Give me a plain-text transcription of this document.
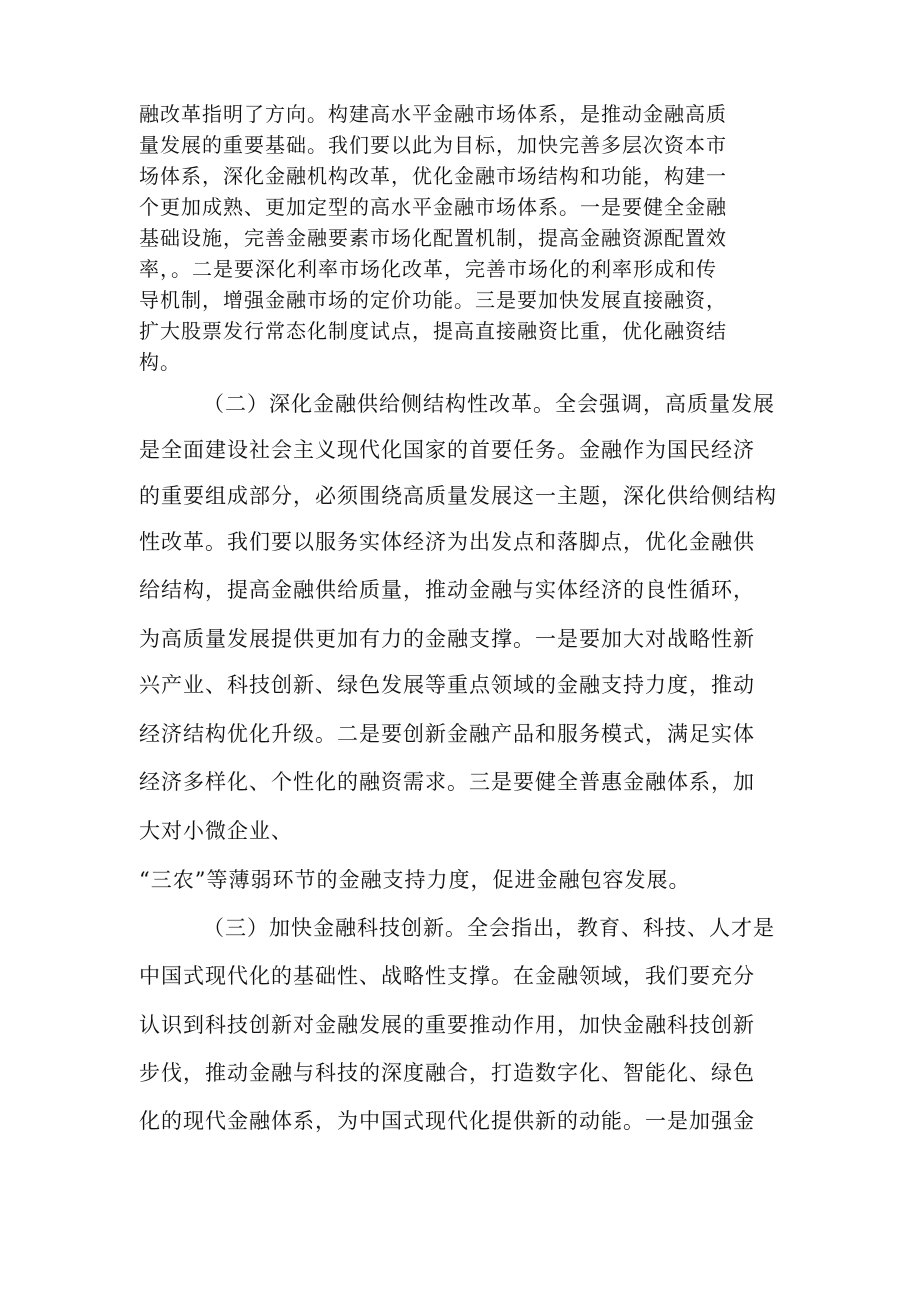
融改革指明了方向。构建高水平金融市场体系，是推动金融高质
量发展的重要基础。我们要以此为目标，加快完善多层次资本市
场体系，深化金融机构改革，优化金融市场结构和功能，构建一
个更加成熟、更加定型的高水平金融市场体系。一是要健全金融
基础设施，完善金融要素市场化配置机制，提高金融资源配置效
率，。二是要深化利率市场化改革，完善市场化的利率形成和传
导机制，增强金融市场的定价功能。三是要加快发展直接融资，
扩大股票发行常态化制度试点，提高直接融资比重，优化融资结
构。
（二）深化金融供给侧结构性改革。全会强调，高质量发展
是全面建设社会主义现代化国家的首要任务。金融作为国民经济
的重要组成部分，必须围绕高质量发展这一主题，深化供给侧结构
性改革。我们要以服务实体经济为出发点和落脚点，优化金融供
给结构，提高金融供给质量，推动金融与实体经济的良性循环，
为高质量发展提供更加有力的金融支撑。一是要加大对战略性新
兴产业、科技创新、绿色发展等重点领域的金融支持力度，推动
经济结构优化升级。二是要创新金融产品和服务模式，满足实体
经济多样化、个性化的融资需求。三是要健全普惠金融体系，加
大对小微企业、
“三农”等薄弱环节的金融支持力度，促进金融包容发展。
（三）加快金融科技创新。全会指出，教育、科技、人才是
中国式现代化的基础性、战略性支撑。在金融领域，我们要充分
认识到科技创新对金融发展的重要推动作用，加快金融科技创新
步伐，推动金融与科技的深度融合，打造数字化、智能化、绿色
化的现代金融体系，为中国式现代化提供新的动能。一是加强金
